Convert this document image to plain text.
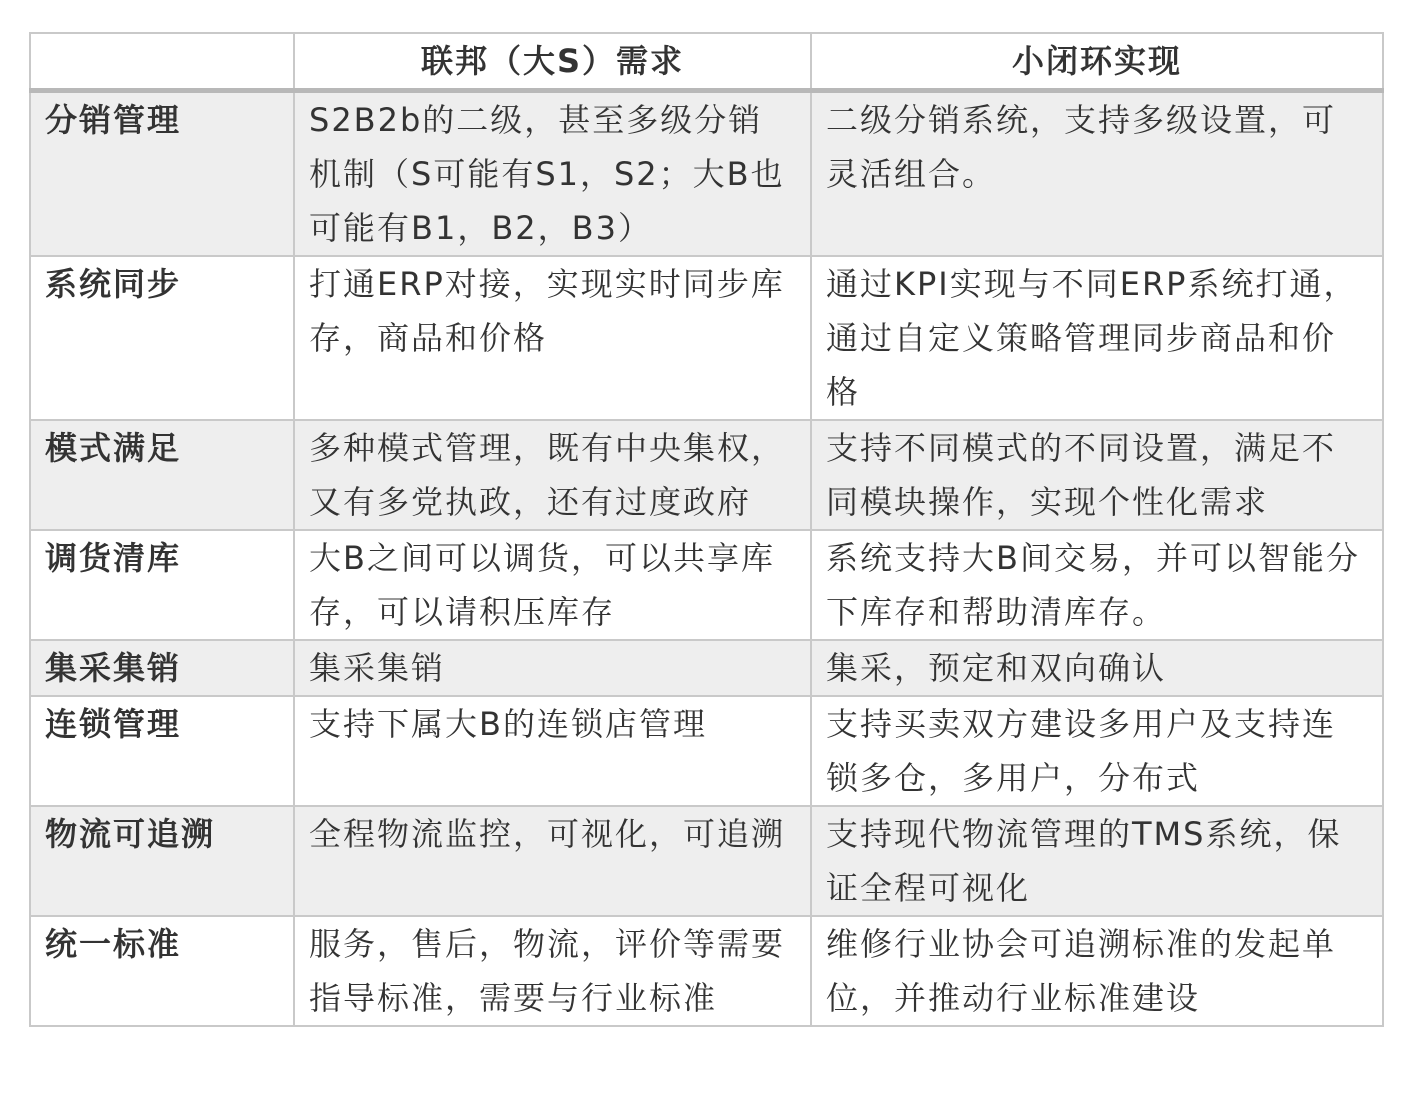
	联邦（大S）需求	小闭环实现
分销管理	S2B2b的二级，甚至多级分销机制（S可能有S1，S2；大B也可能有B1，B2，B3）	二级分销系统，支持多级设置，可灵活组合。
系统同步	打通ERP对接，实现实时同步库存，商品和价格	通过KPI实现与不同ERP系统打通，通过自定义策略管理同步商品和价格
模式满足	多种模式管理，既有中央集权，又有多党执政，还有过度政府	支持不同模式的不同设置，满足不同模块操作，实现个性化需求
调货清库	大B之间可以调货，可以共享库存，可以请积压库存	系统支持大B间交易，并可以智能分下库存和帮助清库存。
集采集销	集采集销	集采，预定和双向确认
连锁管理	支持下属大B的连锁店管理	支持买卖双方建设多用户及支持连锁多仓，多用户，分布式
物流可追溯	全程物流监控，可视化，可追溯	支持现代物流管理的TMS系统，保证全程可视化
统一标准	服务，售后，物流，评价等需要指导标准，需要与行业标准	维修行业协会可追溯标准的发起单位，并推动行业标准建设
